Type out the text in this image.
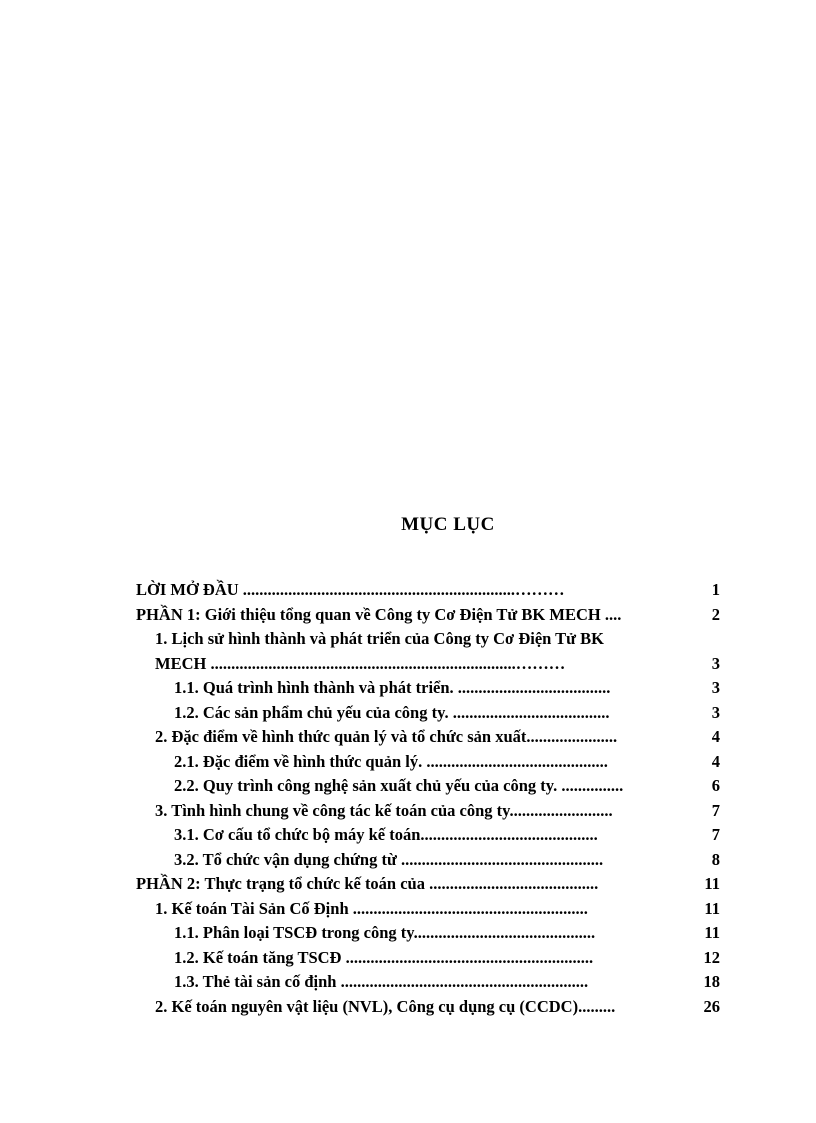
MỤC LỤC
LỜI MỞ ĐẦU ..................................................................………	1
PHẦN 1: Giới thiệu tổng quan về Công ty Cơ Điện Tử BK MECH ....	2
1. Lịch sử hình thành và phát triển của Công ty Cơ Điện Tử BK
MECH ..........................................................................………	3
1.1. Quá trình hình thành và phát triển. .....................................	3
1.2. Các sản phẩm chủ yếu của công ty. ......................................	3
2. Đặc điểm về hình thức quản lý và tổ chức sản xuất......................	4
2.1. Đặc điểm về hình thức quản lý. ............................................	4
2.2. Quy trình công nghệ sản xuất chủ yếu của công ty. ...............	6
3. Tình hình chung về công tác kế toán của công ty.........................	7
3.1. Cơ cấu tổ chức bộ máy kế toán...........................................	7
3.2. Tổ chức vận dụng chứng từ .................................................	8
PHẦN 2: Thực trạng tổ chức kế toán của .........................................	11
1. Kế toán Tài Sản Cố Định .........................................................	11
1.1. Phân loại TSCĐ trong công ty............................................	11
1.2. Kế toán tăng TSCĐ ............................................................	12
1.3. Thẻ tài sản cố định ............................................................	18
2. Kế toán nguyên vật liệu (NVL), Công cụ dụng cụ (CCDC).........	26
